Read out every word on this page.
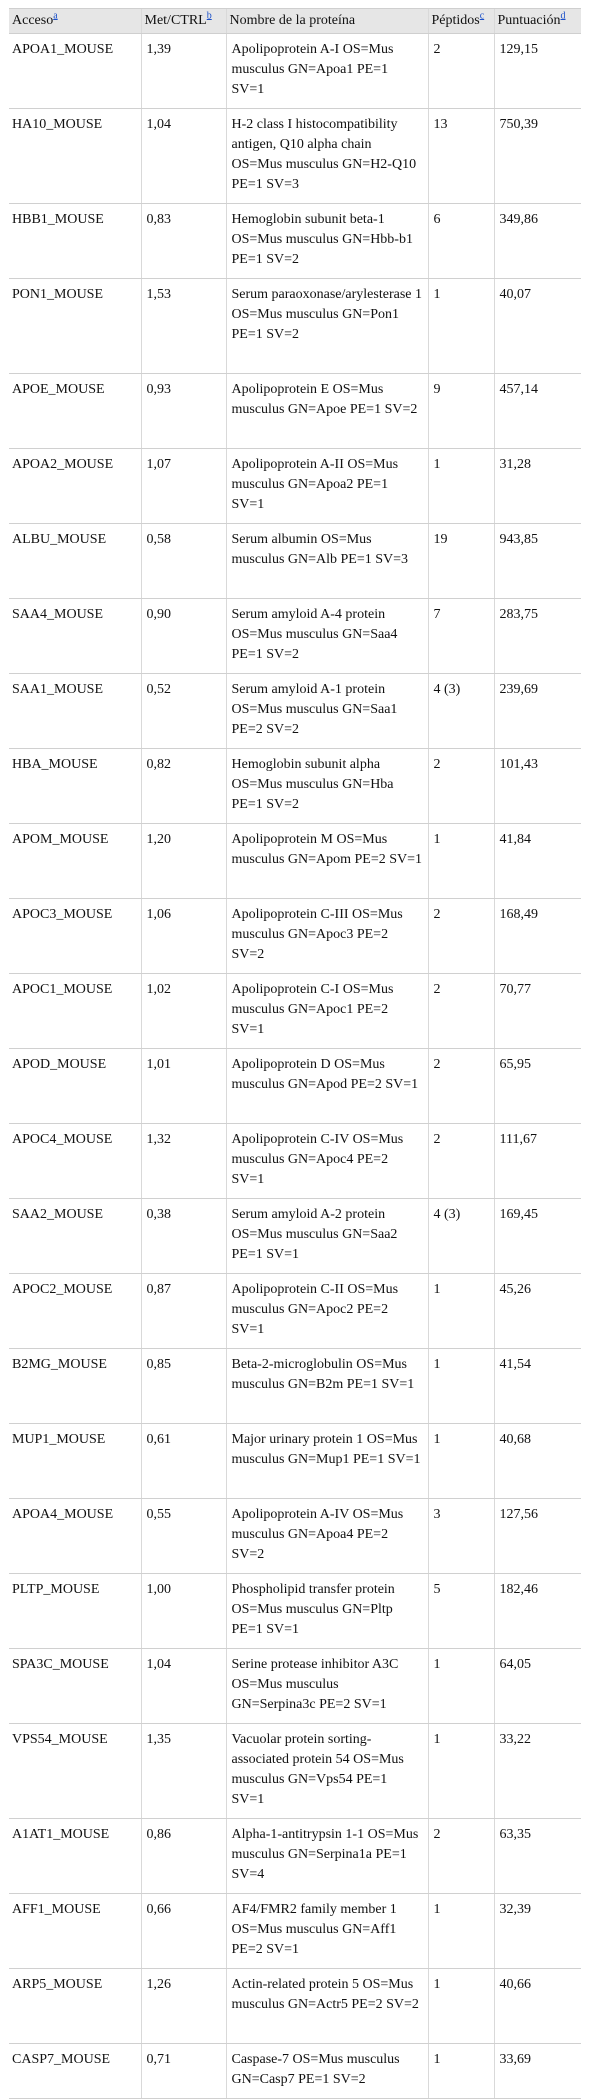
Acceso$^a$	Met/CTRL$^b$	Nombre de la proteína	Péptidos$^c$	Puntuación$^d$
APOA1_MOUSE	1,39	Apolipoprotein A-I OS=Mus musculus GN=Apoa1 PE=1 SV=1	2	129,15
HA10_MOUSE	1,04	H-2 class I histocompatibility antigen, Q10 alpha chain OS=Mus musculus GN=H2-Q10 PE=1 SV=3	13	750,39
HBB1_MOUSE	0,83	Hemoglobin subunit beta-1 OS=Mus musculus GN=Hbb-b1 PE=1 SV=2	6	349,86
PON1_MOUSE	1,53	Serum paraoxonase/arylesterase 1 OS=Mus musculus GN=Pon1 PE=1 SV=2	1	40,07
APOE_MOUSE	0,93	Apolipoprotein E OS=Mus musculus GN=Apoe PE=1 SV=2	9	457,14
APOA2_MOUSE	1,07	Apolipoprotein A-II OS=Mus musculus GN=Apoa2 PE=1 SV=1	1	31,28
ALBU_MOUSE	0,58	Serum albumin OS=Mus musculus GN=Alb PE=1 SV=3	19	943,85
SAA4_MOUSE	0,90	Serum amyloid A-4 protein OS=Mus musculus GN=Saa4 PE=1 SV=2	7	283,75
SAA1_MOUSE	0,52	Serum amyloid A-1 protein OS=Mus musculus GN=Saa1 PE=2 SV=2	4 (3)	239,69
HBA_MOUSE	0,82	Hemoglobin subunit alpha OS=Mus musculus GN=Hba PE=1 SV=2	2	101,43
APOM_MOUSE	1,20	Apolipoprotein M OS=Mus musculus GN=Apom PE=2 SV=1	1	41,84
APOC3_MOUSE	1,06	Apolipoprotein C-III OS=Mus musculus GN=Apoc3 PE=2 SV=2	2	168,49
APOC1_MOUSE	1,02	Apolipoprotein C-I OS=Mus musculus GN=Apoc1 PE=2 SV=1	2	70,77
APOD_MOUSE	1,01	Apolipoprotein D OS=Mus musculus GN=Apod PE=2 SV=1	2	65,95
APOC4_MOUSE	1,32	Apolipoprotein C-IV OS=Mus musculus GN=Apoc4 PE=2 SV=1	2	111,67
SAA2_MOUSE	0,38	Serum amyloid A-2 protein OS=Mus musculus GN=Saa2 PE=1 SV=1	4 (3)	169,45
APOC2_MOUSE	0,87	Apolipoprotein C-II OS=Mus musculus GN=Apoc2 PE=2 SV=1	1	45,26
B2MG_MOUSE	0,85	Beta-2-microglobulin OS=Mus musculus GN=B2m PE=1 SV=1	1	41,54
MUP1_MOUSE	0,61	Major urinary protein 1 OS=Mus musculus GN=Mup1 PE=1 SV=1	1	40,68
APOA4_MOUSE	0,55	Apolipoprotein A-IV OS=Mus musculus GN=Apoa4 PE=2 SV=2	3	127,56
PLTP_MOUSE	1,00	Phospholipid transfer protein OS=Mus musculus GN=Pltp PE=1 SV=1	5	182,46
SPA3C_MOUSE	1,04	Serine protease inhibitor A3C OS=Mus musculus GN=Serpina3c PE=2 SV=1	1	64,05
VPS54_MOUSE	1,35	Vacuolar protein sorting-associated protein 54 OS=Mus musculus GN=Vps54 PE=1 SV=1	1	33,22
A1AT1_MOUSE	0,86	Alpha-1-antitrypsin 1-1 OS=Mus musculus GN=Serpina1a PE=1 SV=4	2	63,35
AFF1_MOUSE	0,66	AF4/FMR2 family member 1 OS=Mus musculus GN=Aff1 PE=2 SV=1	1	32,39
ARP5_MOUSE	1,26	Actin-related protein 5 OS=Mus musculus GN=Actr5 PE=2 SV=2	1	40,66
CASP7_MOUSE	0,71	Caspase-7 OS=Mus musculus GN=Casp7 PE=1 SV=2	1	33,69
